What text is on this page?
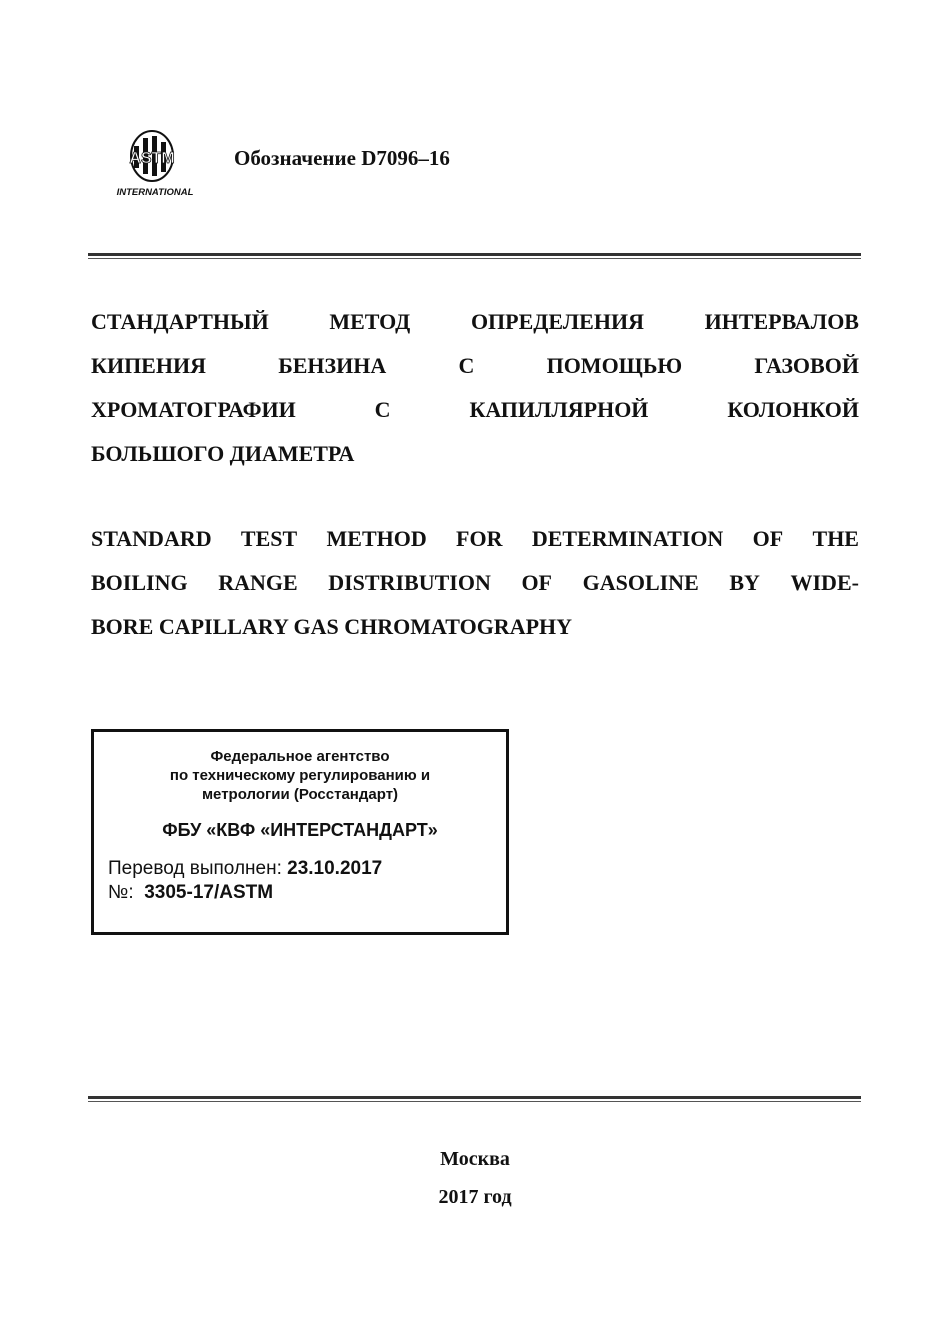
ASTM
INTERNATIONAL
Обозначение D7096–16
СТАНДАРТНЫЙ	МЕТОД	ОПРЕДЕЛЕНИЯ	ИНТЕРВАЛОВ
КИПЕНИЯ	БЕНЗИНА	С	ПОМОЩЬЮ	ГАЗОВОЙ
ХРОМАТОГРАФИИ	С	КАПИЛЛЯРНОЙ	КОЛОНКОЙ
БОЛЬШОГО ДИАМЕТРА
STANDARD TEST METHOD FOR DETERMINATION OF THE
BOILING RANGE DISTRIBUTION OF GASOLINE BY WIDE-
BORE CAPILLARY GAS CHROMATOGRAPHY
Федеральное агентство
по техническому регулированию и
метрологии (Росстандарт)
ФБУ «КВФ «ИНТЕРСТАНДАРТ»
Перевод выполнен: 23.10.2017
№: 3305-17/ASTM
Москва
2017 год
